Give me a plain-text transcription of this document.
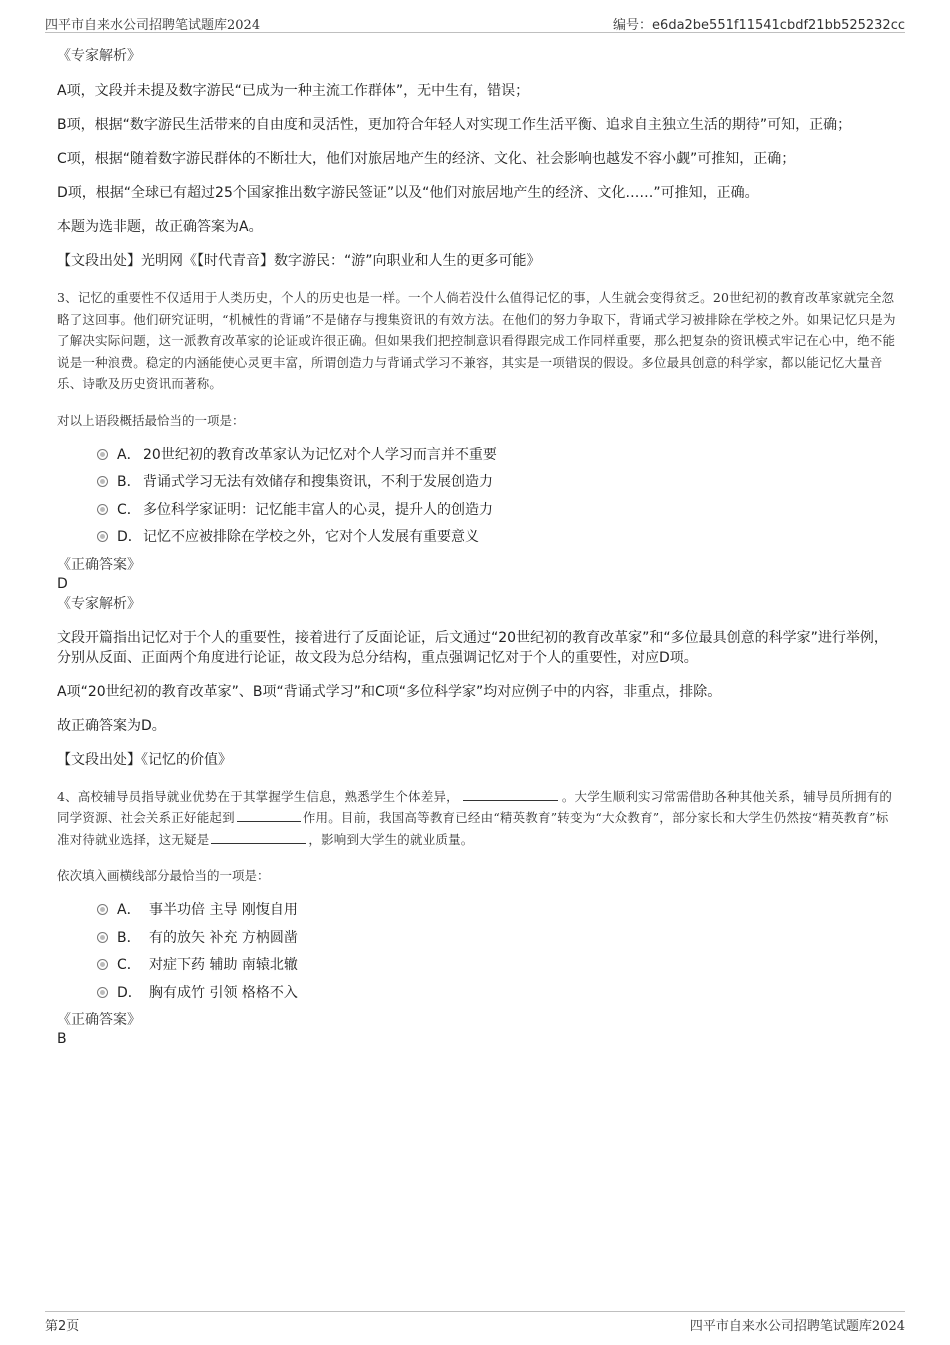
四平市自来水公司招聘笔试题库2024	编号：e6da2be551f11541cbdf21bb525232cc

《专家解析》

A项，文段并未提及数字游民“已成为一种主流工作群体”，无中生有，错误；

B项，根据“数字游民生活带来的自由度和灵活性，更加符合年轻人对实现工作生活平衡、追求自主独立生活的期待”可知，正确；

C项，根据“随着数字游民群体的不断壮大，他们对旅居地产生的经济、文化、社会影响也越发不容小觑”可推知，正确；

D项，根据“全球已有超过25个国家推出数字游民签证”以及“他们对旅居地产生的经济、文化……”可推知，正确。

本题为选非题，故正确答案为A。

【文段出处】光明网《【时代青音】数字游民：“游”向职业和人生的更多可能》

3、记忆的重要性不仅适用于人类历史，个人的历史也是一样。一个人倘若没什么值得记忆的事，人生就会变得贫乏。20世纪初的教育改革家就完全忽略了这回事。他们研究证明，“机械性的背诵”不是储存与搜集资讯的有效方法。在他们的努力争取下，背诵式学习被排除在学校之外。如果记忆只是为了解决实际问题，这一派教育改革家的论证或许很正确。但如果我们把控制意识看得跟完成工作同样重要，那么把复杂的资讯模式牢记在心中，绝不能说是一种浪费。稳定的内涵能使心灵更丰富，所谓创造力与背诵式学习不兼容，其实是一项错误的假设。多位最具创意的科学家，都以能记忆大量音乐、诗歌及历史资讯而著称。

对以上语段概括最恰当的一项是：

A． 20世纪初的教育改革家认为记忆对个人学习而言并不重要
B． 背诵式学习无法有效储存和搜集资讯，不利于发展创造力
C． 多位科学家证明：记忆能丰富人的心灵，提升人的创造力
D． 记忆不应被排除在学校之外，它对个人发展有重要意义

《正确答案》

D

《专家解析》

文段开篇指出记忆对于个人的重要性，接着进行了反面论证，后文通过“20世纪初的教育改革家”和“多位最具创意的科学家”进行举例，分别从反面、正面两个角度进行论证，故文段为总分结构，重点强调记忆对于个人的重要性，对应D项。

A项“20世纪初的教育改革家”、B项“背诵式学习”和C项“多位科学家”均对应例子中的内容，非重点，排除。

故正确答案为D。

【文段出处】《记忆的价值》

4、高校辅导员指导就业优势在于其掌握学生信息，熟悉学生个体差异，	。大学生顺利实习常需借助各种其他关系，辅导员所拥有的同学资源、社会关系正好能起到	作用。目前，我国高等教育已经由“精英教育”转变为“大众教育”，部分家长和大学生仍然按“精英教育”标准对待就业选择，这无疑是	，影响到大学生的就业质量。

依次填入画横线部分最恰当的一项是：

A． 事半功倍 主导 刚愎自用
B． 有的放矢 补充 方枘圆凿
C． 对症下药 辅助 南辕北辙
D． 胸有成竹 引领 格格不入

《正确答案》

B

第2页	四平市自来水公司招聘笔试题库2024
